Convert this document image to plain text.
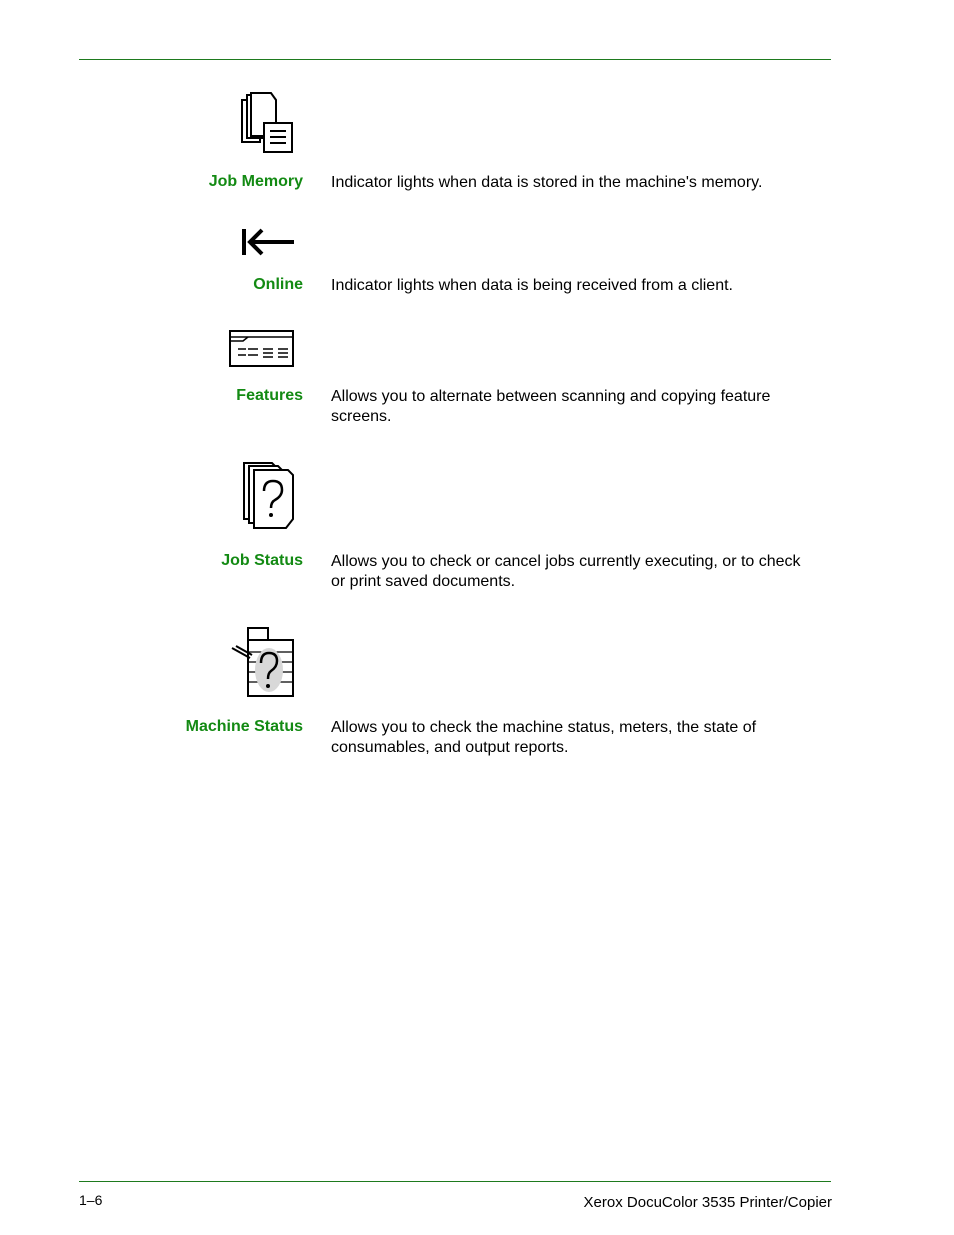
Job Memory Indicator lights when data is stored in the machine's memory.
Online Indicator lights when data is being received from a client.
Features Allows you to alternate between scanning and copying feature screens.
Job Status Allows you to check or cancel jobs currently executing, or to check or print saved documents.
Machine Status Allows you to check the machine status, meters, the state of consumables, and output reports.
1–6	Xerox DocuColor 3535 Printer/Copier
